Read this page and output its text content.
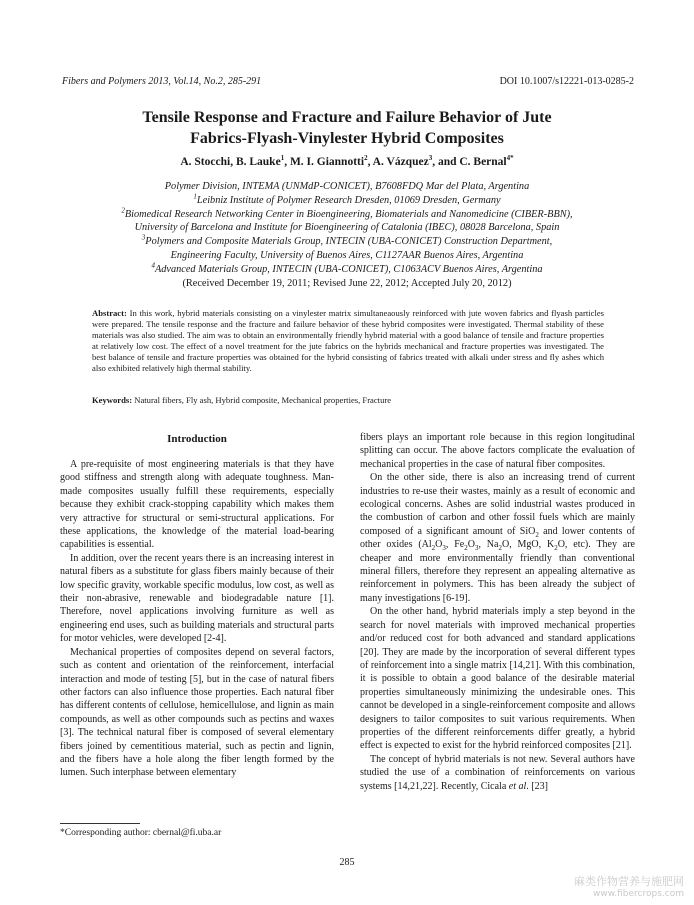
Fibers and Polymers 2013, Vol.14, No.2, 285-291	DOI 10.1007/s12221-013-0285-2
Tensile Response and Fracture and Failure Behavior of Jute
Fabrics-Flyash-Vinylester Hybrid Composites
A. Stocchi, B. Lauke$^1$, M. I. Giannotti$^2$, A. Vázquez$^3$, and C. Bernal$^{4*}$
Polymer Division, INTEMA (UNMdP-CONICET), B7608FDQ Mar del Plata, Argentina
$^1$Leibniz Institute of Polymer Research Dresden, 01069 Dresden, Germany
$^2$Biomedical Research Networking Center in Bioengineering, Biomaterials and Nanomedicine (CIBER-BBN),
University of Barcelona and Institute for Bioengineering of Catalonia (IBEC), 08028 Barcelona, Spain
$^3$Polymers and Composite Materials Group, INTECIN (UBA-CONICET) Construction Department,
Engineering Faculty, University of Buenos Aires, C1127AAR Buenos Aires, Argentina
$^4$Advanced Materials Group, INTECIN (UBA-CONICET), C1063ACV Buenos Aires, Argentina
(Received December 19, 2011; Revised June 22, 2012; Accepted July 20, 2012)
Abstract: In this work, hybrid materials consisting on a vinylester matrix simultaneaously reinforced with jute woven fabrics and flyash particles were prepared. The tensile response and the fracture and failure behavior of these hybrid composites were investigated. Thermal stability of these materials was also studied. The aim was to obtain an environmentally friendly hybrid material with a good balance of tensile and fracture properties at relatively low cost. The effect of a novel treatment for the jute fabrics on the hybrids mechanical and fracture properties was investigated. The best balance of tensile and fracture properties was obtained for the hybrid consisting of fabrics treated with alkali under stress and fly ashes which also exhibited relatively high thermal stability.
Keywords: Natural fibers, Fly ash, Hybrid composite, Mechanical properties, Fracture
Introduction

A pre-requisite of most engineering materials is that they have good stiffness and strength along with adequate toughness. Man-made composites usually fulfill these requirements, especially because they exhibit crack-stopping capability which makes them very attractive for structural or semi-structural applications. For these applications, the knowledge of the material load-bearing capabilities is essential.

In addition, over the recent years there is an increasing interest in natural fibers as a substitute for glass fibers mainly because of their low specific gravity, workable specific modulus, low cost, as well as their non-abrasive, renewable and biodegradable nature [1]. Therefore, novel applications involving furniture as well as engineering end uses, such as building materials and structural parts for motor vehicles, were developed [2-4].

Mechanical properties of composites depend on several factors, such as content and orientation of the reinforcement, interfacial interaction and mode of testing [5], but in the case of natural fibers other factors can also influence those properties. Each natural fiber has different contents of cellulose, hemicellulose, and lignin as main compounds, as well as other compounds such as pectins and waxes [3]. The technical natural fiber is composed of several elementary fibers joined by cementitious material, such as pectin and lignin, and the fibers have a hole along the fiber length formed by the lumen. Such interphase between elementary

fibers plays an important role because in this region longitudinal splitting can occur. The above factors complicate the evaluation of mechanical properties in the case of natural fiber composites.

On the other side, there is also an increasing trend of current industries to re-use their wastes, mainly as a result of economic and ecological concerns. Ashes are solid industrial wastes produced in the combustion of carbon and other fossil fuels which are mainly composed of a significant amount of SiO$_2$ and lower contents of other oxides ($Al_2O_3$, $Fe_2O_3$, $Na_2O$, MgO, $K_2O$, etc). They are cheaper and more environmentally friendly than conventional mineral fillers, therefore they represent an appealing alternative as reinforcement in polymers. This has been already the subject of many investigations [6-19].

On the other hand, hybrid materials imply a step beyond in the search for novel materials with improved mechanical properties and/or reduced cost for both advanced and standard applications [20]. They are made by the incorporation of several different types of reinforcement into a single matrix [14,21]. With this combination, it is possible to obtain a good balance of the desirable material properties simultaneously minimizing the undesirable ones. This cannot be developed in a single-reinforcement composite and allows designers to tailor composites to suit various requirements. When properties of the different reinforcements differ greatly, a hybrid effect is expected to exist for the hybrid reinforced composites [21].

The concept of hybrid materials is not new. Several authors have studied the use of a combination of reinforcements on various systems [14,21,22]. Recently, Cicala et al. [23]

*Corresponding author: cbernal@fi.uba.ar
285
麻类作物营养与施肥网
www.fibercrops.com
